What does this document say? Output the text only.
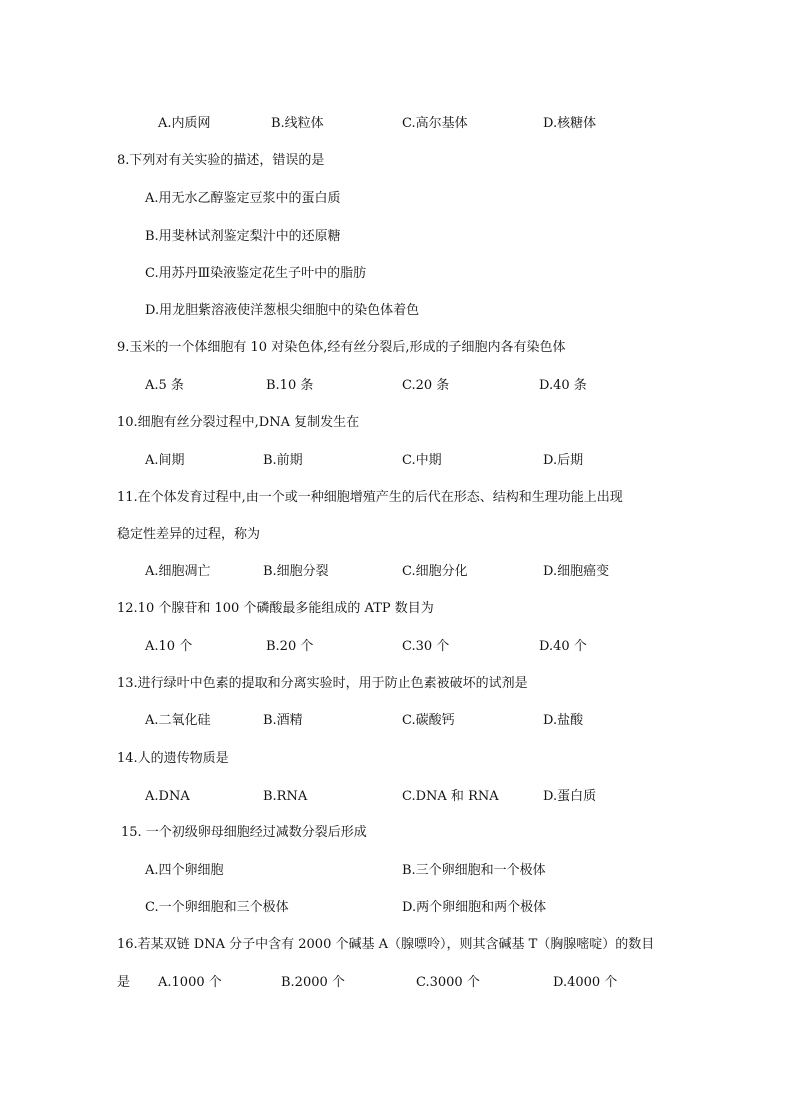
A.内质网	B.线粒体	C.高尔基体	D.核糖体
8.下列对有关实验的描述，错误的是
A.用无水乙醇鉴定豆浆中的蛋白质
B.用斐林试剂鉴定梨汁中的还原糖
C.用苏丹Ⅲ染液鉴定花生子叶中的脂肪
D.用龙胆紫溶液使洋葱根尖细胞中的染色体着色
9.玉米的一个体细胞有 10 对染色体,经有丝分裂后,形成的子细胞内各有染色体
A.5 条	B.10 条	C.20 条	D.40 条
10.细胞有丝分裂过程中,DNA 复制发生在
A.间期	B.前期	C.中期	D.后期
11.在个体发育过程中,由一个或一种细胞增殖产生的后代在形态、结构和生理功能上出现
稳定性差异的过程，称为
A.细胞凋亡	B.细胞分裂	C.细胞分化	D.细胞癌变
12.10 个腺苷和 100 个磷酸最多能组成的 ATP 数目为
A.10 个	B.20 个	C.30 个	D.40 个
13.进行绿叶中色素的提取和分离实验时，用于防止色素被破坏的试剂是
A.二氧化硅	B.酒精	C.碳酸钙	D.盐酸
14.人的遗传物质是
A.DNA	B.RNA	C.DNA 和 RNA	D.蛋白质
15. 一个初级卵母细胞经过减数分裂后形成
A.四个卵细胞	B.三个卵细胞和一个极体
C.一个卵细胞和三个极体	D.两个卵细胞和两个极体
16.若某双链 DNA 分子中含有 2000 个碱基 A（腺嘌呤），则其含碱基 T（胸腺嘧啶）的数目
是 A.1000 个	B.2000 个	C.3000 个	D.4000 个
